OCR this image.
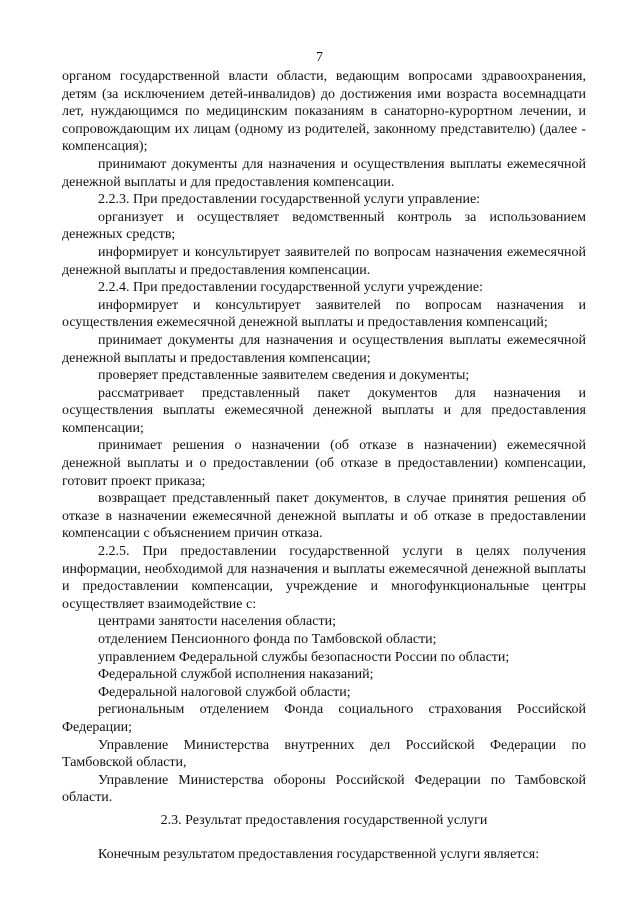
7

органом государственной власти области, ведающим вопросами здравоохранения, детям (за исключением детей-инвалидов) до достижения ими возраста восемнадцати лет, нуждающимся по медицинским показаниям в санаторно-курортном лечении, и сопровождающим их лицам (одному из родителей, законному представителю) (далее - компенсация);

принимают документы для назначения и осуществления выплаты ежемесячной денежной выплаты и для предоставления компенсации.

2.2.3. При предоставлении государственной услуги управление:

организует и осуществляет ведомственный контроль за использованием денежных средств;

информирует и консультирует заявителей по вопросам назначения ежемесячной денежной выплаты и предоставления компенсации.

2.2.4. При предоставлении государственной услуги учреждение:

информирует и консультирует заявителей по вопросам назначения и осуществления ежемесячной денежной выплаты и предоставления компенсаций;

принимает документы для назначения и осуществления выплаты ежемесячной денежной выплаты и предоставления компенсации;

проверяет представленные заявителем сведения и документы;

рассматривает представленный пакет документов для назначения и осуществления выплаты ежемесячной денежной выплаты и для предоставления компенсации;

принимает решения о назначении (об отказе в назначении) ежемесячной денежной выплаты и о предоставлении (об отказе в предоставлении) компенсации, готовит проект приказа;

возвращает представленный пакет документов, в случае принятия решения об отказе в назначении ежемесячной денежной выплаты и об отказе в предоставлении компенсации с объяснением причин отказа.

2.2.5. При предоставлении государственной услуги в целях получения информации, необходимой для назначения и выплаты ежемесячной денежной выплаты и предоставлении компенсации, учреждение и многофункциональные центры осуществляет взаимодействие с:

центрами занятости населения области;

отделением Пенсионного фонда по Тамбовской области;

управлением Федеральной службы безопасности России по области;

Федеральной службой исполнения наказаний;

Федеральной налоговой службой области;

региональным отделением Фонда социального страхования Российской Федерации;

Управление Министерства внутренних дел Российской Федерации по Тамбовской области,

Управление Министерства обороны Российской Федерации по Тамбовской области.

2.3. Результат предоставления государственной услуги

Конечным результатом предоставления государственной услуги является:
